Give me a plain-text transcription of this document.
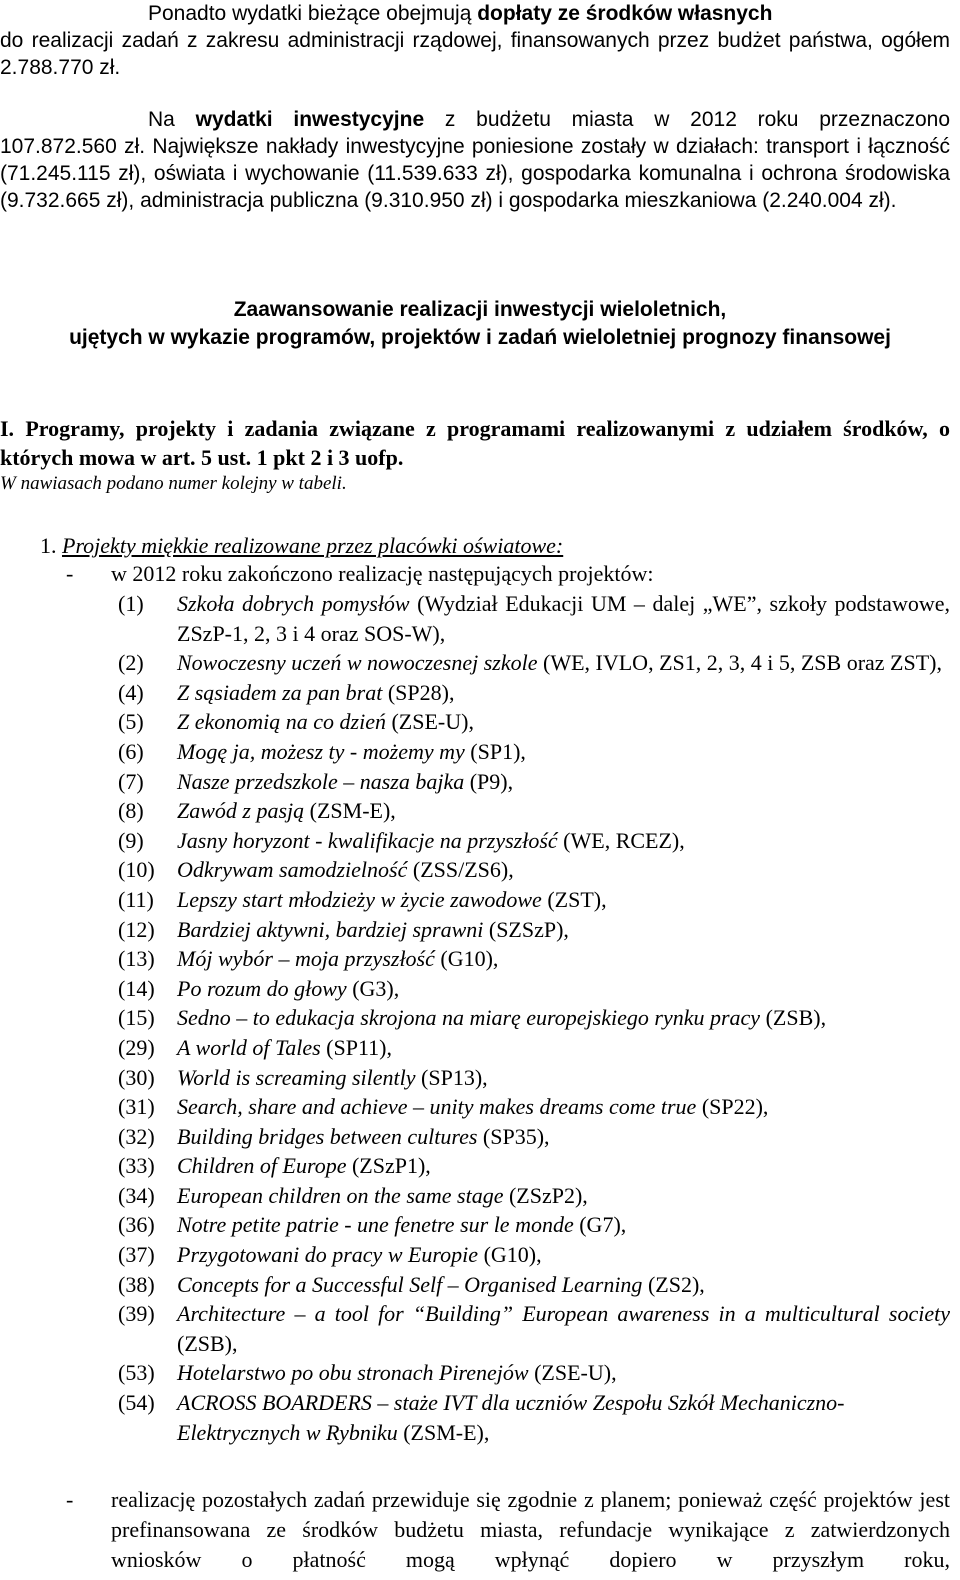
Ponadto wydatki bieżące obejmują dopłaty ze środków własnych
do realizacji zadań z zakresu administracji rządowej, finansowanych przez budżet państwa, ogółem 2.788.770 zł.
Na wydatki inwestycyjne z budżetu miasta w 2012 roku przeznaczono
107.872.560 zł. Największe nakłady inwestycyjne poniesione zostały w działach: transport i łączność (71.245.115 zł), oświata i wychowanie (11.539.633 zł), gospodarka komunalna i ochrona środowiska (9.732.665 zł), administracja publiczna (9.310.950 zł) i gospodarka mieszkaniowa (2.240.004 zł).
Zaawansowanie realizacji inwestycji wieloletnich,
ujętych w wykazie programów, projektów i zadań wieloletniej prognozy finansowej
I. Programy, projekty i zadania związane z programami realizowanymi z udziałem środków, o których mowa w art. 5 ust. 1 pkt 2 i 3 uofp.
W nawiasach podano numer kolejny w tabeli.
1. Projekty miękkie realizowane przez placówki oświatowe:
- w 2012 roku zakończono realizację następujących projektów:
(1) Szkoła dobrych pomysłów (Wydział Edukacji UM – dalej „WE”, szkoły podstawowe, ZSzP-1, 2, 3 i 4 oraz SOS-W),
(2) Nowoczesny uczeń w nowoczesnej szkole (WE, IVLO, ZS1, 2, 3, 4 i 5, ZSB oraz ZST),
(4) Z sąsiadem za pan brat (SP28),
(5) Z ekonomią na co dzień (ZSE-U),
(6) Mogę ja, możesz ty - możemy my (SP1),
(7) Nasze przedszkole – nasza bajka (P9),
(8) Zawód z pasją (ZSM-E),
(9) Jasny horyzont - kwalifikacje na przyszłość (WE, RCEZ),
(10) Odkrywam samodzielność (ZSS/ZS6),
(11) Lepszy start młodzieży w życie zawodowe (ZST),
(12) Bardziej aktywni, bardziej sprawni (SZSzP),
(13) Mój wybór – moja przyszłość (G10),
(14) Po rozum do głowy (G3),
(15) Sedno – to edukacja skrojona na miarę europejskiego rynku pracy (ZSB),
(29) A world of Tales (SP11),
(30) World is screaming silently (SP13),
(31) Search, share and achieve – unity makes dreams come true (SP22),
(32) Building bridges between cultures (SP35),
(33) Children of Europe (ZSzP1),
(34) European children on the same stage (ZSzP2),
(36) Notre petite patrie - une fenetre sur le monde (G7),
(37) Przygotowani do pracy w Europie (G10),
(38) Concepts for a Successful Self – Organised Learning (ZS2),
(39) Architecture – a tool for “Building” European awareness in a multicultural society (ZSB),
(53) Hotelarstwo po obu stronach Pirenejów (ZSE-U),
(54) ACROSS BOARDERS – staże IVT dla uczniów Zespołu Szkół Mechaniczno-Elektrycznych w Rybniku (ZSM-E),
- realizację pozostałych zadań przewiduje się zgodnie z planem; ponieważ część projektów jest prefinansowana ze środków budżetu miasta, refundacje wynikające z zatwierdzonych wniosków o płatność mogą wpłynąć dopiero w przyszłym roku,
